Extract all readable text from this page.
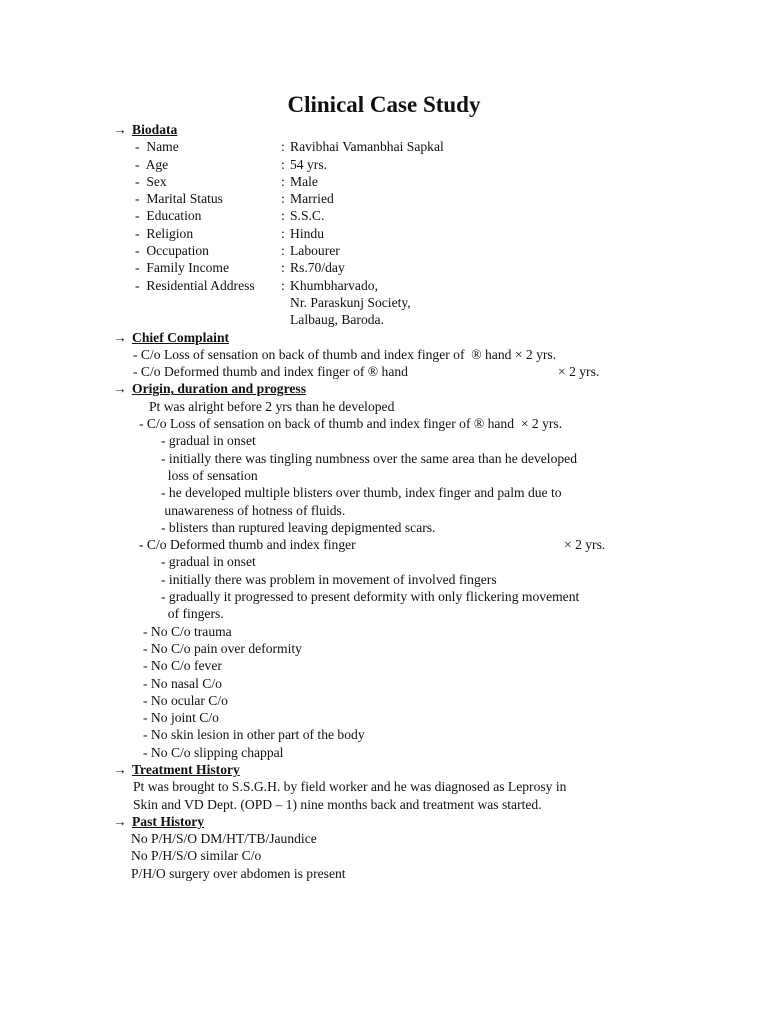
Clinical Case Study
→ Biodata
-  Name	: Ravibhai Vamanbhai Sapkal
-  Age	: 54 yrs.
-  Sex	: Male
-  Marital Status	: Married
-  Education	: S.S.C.
-  Religion	: Hindu
-  Occupation	: Labourer
-  Family Income	: Rs.70/day
-  Residential Address : Khumbharvado,
Nr. Paraskunj Society,
Lalbaug, Baroda.
→ Chief Complaint
- C/o Loss of sensation on back of thumb and index finger of  ® hand × 2 yrs.
- C/o Deformed thumb and index finger of ® hand	× 2 yrs.
→ Origin, duration and progress
Pt was alright before 2 yrs than he developed
- C/o Loss of sensation on back of thumb and index finger of ® hand  × 2 yrs.
- gradual in onset
- initially there was tingling numbness over the same area than he developed
loss of sensation
- he developed multiple blisters over thumb, index finger and palm due to
unawareness of hotness of fluids.
- blisters than ruptured leaving depigmented scars.
- C/o Deformed thumb and index finger	× 2 yrs.
- gradual in onset
- initially there was problem in movement of involved fingers
- gradually it progressed to present deformity with only flickering movement
of fingers.
- No C/o trauma
- No C/o pain over deformity
- No C/o fever
- No nasal C/o
- No ocular C/o
- No joint C/o
- No skin lesion in other part of the body
- No C/o slipping chappal
→ Treatment History
Pt was brought to S.S.G.H. by field worker and he was diagnosed as Leprosy in
Skin and VD Dept. (OPD – 1) nine months back and treatment was started.
→ Past History
No P/H/S/O DM/HT/TB/Jaundice
No P/H/S/O similar C/o
P/H/O surgery over abdomen is present
